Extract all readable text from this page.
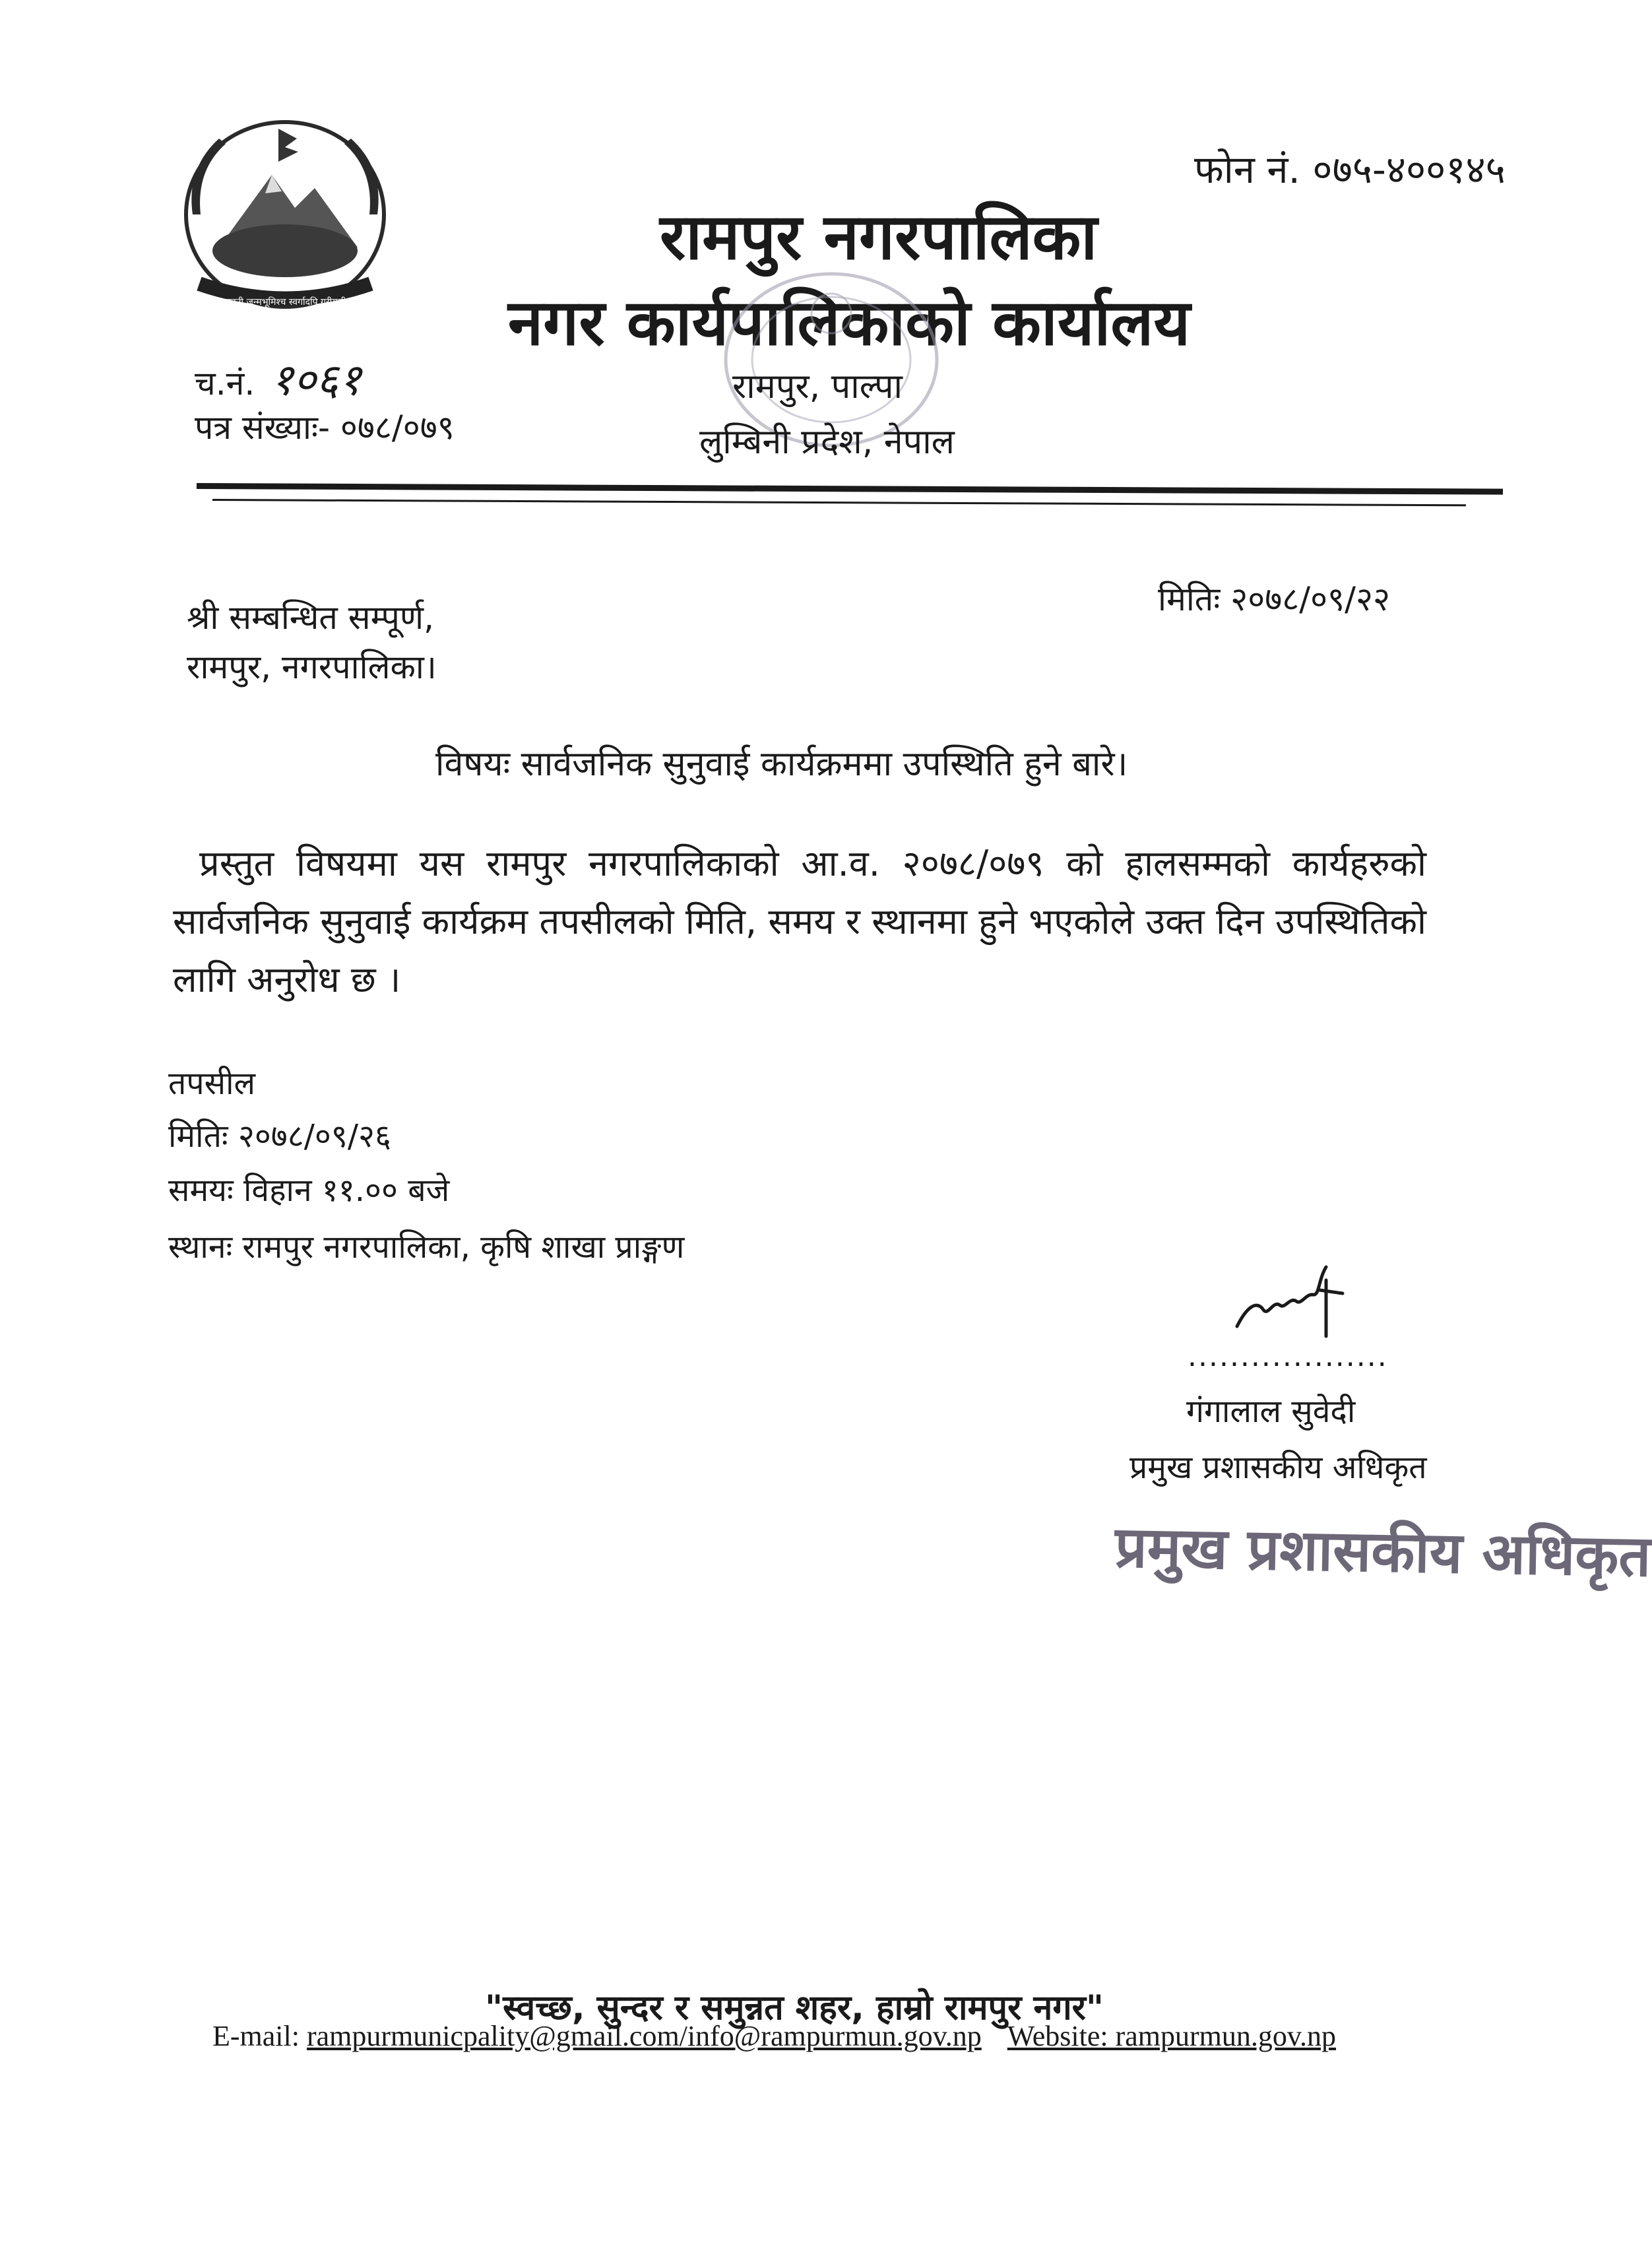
जननी जन्मभूमिश्च स्वर्गादपि गरीयसी
फोन नं. ०७५-४००१४५
रामपुर नगरपालिका
नगर कार्यपालिकाको कार्यालय
रामपुर, पाल्पा
लुम्बिनी प्रदेश, नेपाल
च.नं. १०६१
पत्र संख्याः- ०७८/०७९
मितिः २०७८/०९/२२
श्री सम्बन्धित सम्पूर्ण,
रामपुर, नगरपालिका।
विषयः सार्वजनिक सुनुवाई कार्यक्रममा उपस्थिति हुने बारे।
प्रस्तुत विषयमा यस रामपुर नगरपालिकाको आ.व. २०७८/०७९ को हालसम्मको कार्यहरुको सार्वजनिक सुनुवाई कार्यक्रम तपसीलको मिति, समय र स्थानमा हुने भएकोले उक्त दिन उपस्थितिको लागि अनुरोध छ ।
तपसील
मितिः २०७८/०९/२६
समयः विहान ११.०० बजे
स्थानः रामपुर नगरपालिका, कृषि शाखा प्राङ्गण
...................
गंगालाल सुवेदी
प्रमुख प्रशासकीय अधिकृत
प्रमुख प्रशासकीय अधिकृत
"स्वच्छ, सुन्दर र समुन्नत शहर, हाम्रो रामपुर नगर"
E-mail: rampurmunicpality@gmail.com/info@rampurmun.gov.np Website: rampurmun.gov.np
